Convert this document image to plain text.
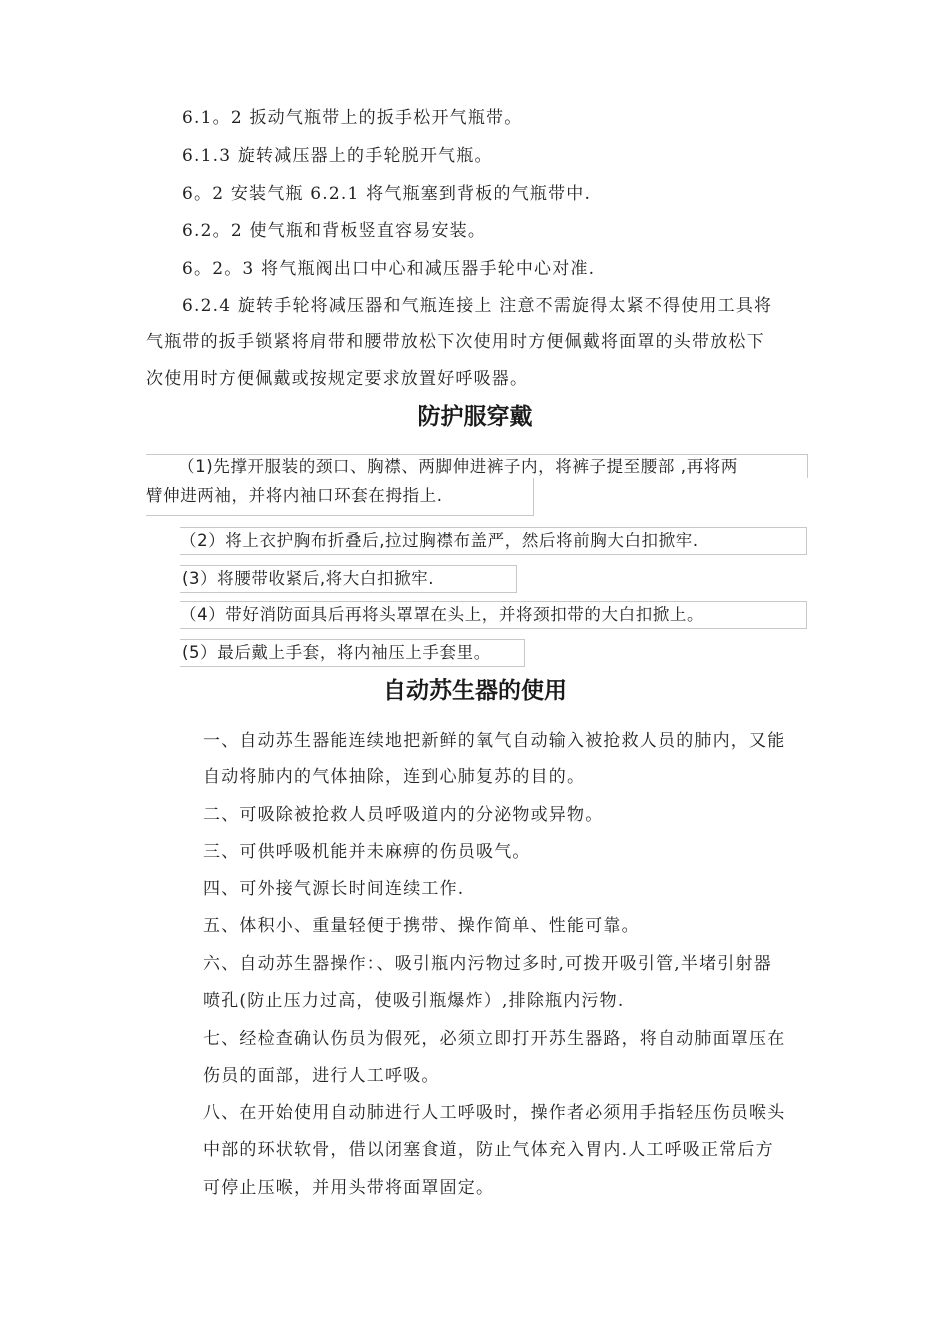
6.1。2 扳动气瓶带上的扳手松开气瓶带。
6.1.3 旋转减压器上的手轮脱开气瓶。
6。2 安装气瓶 6.2.1 将气瓶塞到背板的气瓶带中.
6.2。2 使气瓶和背板竖直容易安装。
6。2。3 将气瓶阀出口中心和减压器手轮中心对准.
6.2.4 旋转手轮将减压器和气瓶连接上 注意不需旋得太紧不得使用工具将
气瓶带的扳手锁紧将肩带和腰带放松下次使用时方便佩戴将面罩的头带放松下
次使用时方便佩戴或按规定要求放置好呼吸器。
防护服穿戴
（1)先撑开服装的颈口、胸襟、两脚伸进裤子内，将裤子提至腰部 ,再将两
臂伸进两袖，并将内袖口环套在拇指上.
（2）将上衣护胸布折叠后,拉过胸襟布盖严，然后将前胸大白扣掀牢.
(3）将腰带收紧后,将大白扣掀牢.
（4）带好消防面具后再将头罩罩在头上，并将颈扣带的大白扣掀上。
(5）最后戴上手套，将内袖压上手套里。
自动苏生器的使用
一、自动苏生器能连续地把新鲜的氧气自动输入被抢救人员的肺内，又能
自动将肺内的气体抽除，连到心肺复苏的目的。
二、可吸除被抢救人员呼吸道内的分泌物或异物。
三、可供呼吸机能并未麻痹的伤员吸气。
四、可外接气源长时间连续工作.
五、体积小、重量轻便于携带、操作简单、性能可靠。
六、自动苏生器操作：、吸引瓶内污物过多时,可拨开吸引管,半堵引射器
喷孔(防止压力过高，使吸引瓶爆炸）,排除瓶内污物.
七、经检查确认伤员为假死，必须立即打开苏生器路，将自动肺面罩压在
伤员的面部，进行人工呼吸。
八、在开始使用自动肺进行人工呼吸时，操作者必须用手指轻压伤员喉头
中部的环状软骨，借以闭塞食道，防止气体充入胃内.人工呼吸正常后方
可停止压喉，并用头带将面罩固定。
